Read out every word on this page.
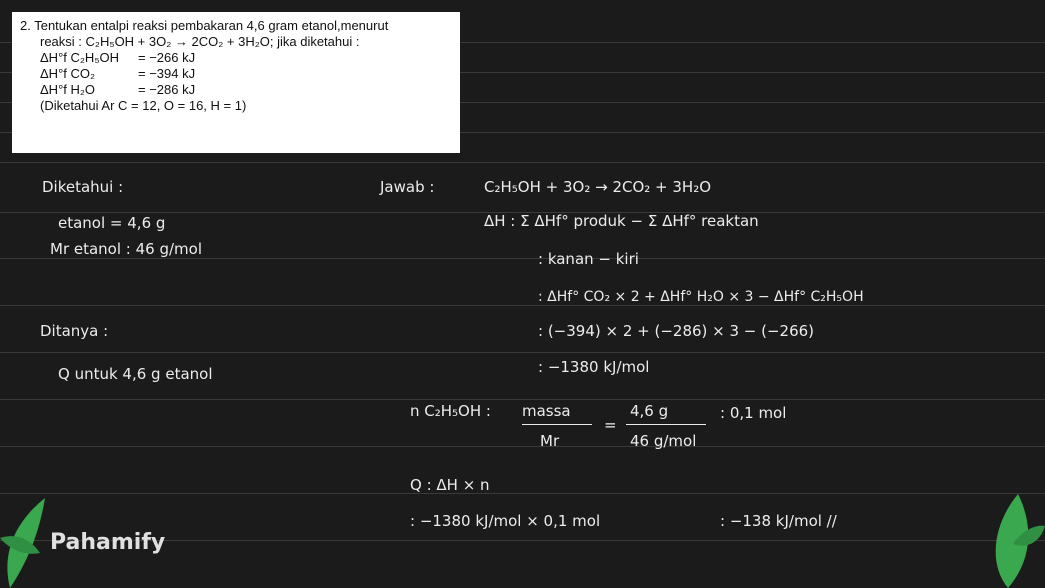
2. Tentukan entalpi reaksi pembakaran 4,6 gram etanol,menurut
reaksi : C₂H₅OH + 3O₂ → 2CO₂ + 3H₂O; jika diketahui :
ΔH°f C₂H₅OH	= −266 kJ
ΔH°f CO₂	= −394 kJ
ΔH°f H₂O	= −286 kJ
(Diketahui Ar C = 12, O = 16, H = 1)
Diketahui :
etanol = 4,6 g
Mr etanol : 46 g/mol
Ditanya :
Q untuk 4,6 g etanol
Jawab :	C₂H₅OH + 3O₂ → 2CO₂ + 3H₂O
ΔH : Σ ΔHf° produk − Σ ΔHf° reaktan
: kanan − kiri
: ΔHf° CO₂ × 2 + ΔHf° H₂O × 3 − ΔHf° C₂H₅OH
: (−394) × 2 + (−286) × 3 − (−266)
: −1380 kJ/mol
n C₂H₅OH : massa
Mr
=
4,6 g
46 g/mol
: 0,1 mol
Q : ΔH × n
: −1380 kJ/mol × 0,1 mol	: −138 kJ/mol //
Pahamify
